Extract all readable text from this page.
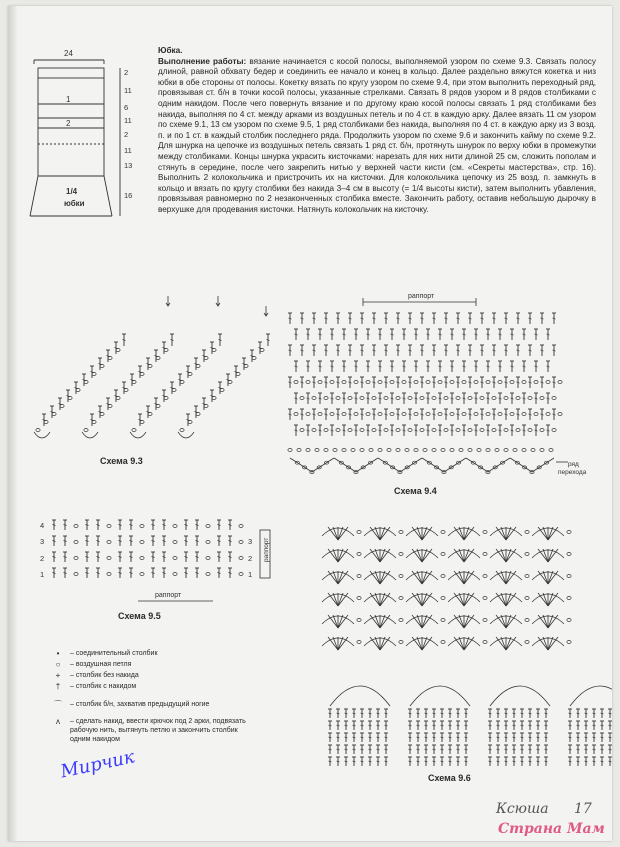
24
1
2
1/4
юбки
2
11
6
11
2
11
13
16
Юбка.
Выполнение работы: вязание начинается с косой полосы, выполняемой узором по схеме 9.3. Связать полосу длиной, равной обхвату бедер и соединить ее начало и конец в кольцо. Далее раздельно вяжутся кокетка и низ юбки в обе стороны от полосы. Кокетку вязать по кругу узором по схеме 9.4, при этом выполнить переходный ряд, провязывая ст. б/н в точки косой полосы, указанные стрелками. Связать 8 рядов узором и 8 рядов столбиками с одним накидом. После чего повернуть вязание и по другому краю косой полосы связать 1 ряд столбиками без накида, выполняя по 4 ст. между арками из воздушных петель и по 4 ст. в каждую арку. Далее вязать 11 см узором по схеме 9.1, 13 см узором по схеме 9.5, 1 ряд столбиками без накида, выполняя по 4 ст. в каждую арку из 3 возд. п. и по 1 ст. в каждый столбик последнего ряда. Продолжить узором по схеме 9.6 и закончить кайму по схеме 9.2. Для шнурка на цепочке из воздушных петель связать 1 ряд ст. б/н, протянуть шнурок по верху юбки в промежутки между столбиками. Концы шнурка украсить кисточками: нарезать для них нити длиной 25 см, сложить пополам и стянуть в середине, после чего закрепить нитью у верхней части кисти (см. «Секреты мастерства», стр. 16). Выполнить 2 колокольчика и пристрочить их на кисточки. Для колокольчика цепочку из 25 возд. п. замкнуть в кольцо и вязать по кругу столбики без накида 3–4 см в высоту (= 1/4 высоты кисти), затем выполнить убавления, провязывая равномерно по 2 незаконченных столбика вместе. Закончить работу, оставив небольшую дырочку в верхушке для продевания кисточки. Натянуть колокольчик на кисточку.
Схема 9.3
раппорт
ряд
перехода
Схема 9.4
4
3
2
1
3
2
1
раппорт
раппорт
Схема 9.5
Схема 9.6
•	– соединительный столбик
○	– воздушная петля
+	– столбик без накида
†	– столбик с накидом
⌒	– столбик б/н, захватив предыдущий ногие
ʌ	– сделать накид, ввести крючок под 2 арки, подвязать рабочую нить, вытянуть петлю и закончить столбик одним накидом
Мирчик
Ксюша 17
Страна Мам
